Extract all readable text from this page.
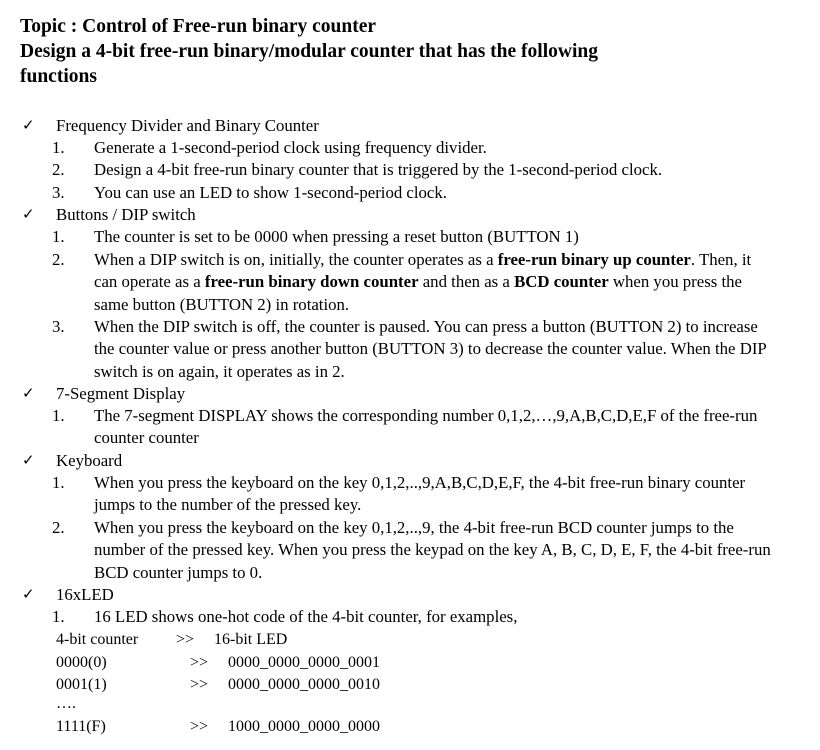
Topic : Control of Free-run binary counter
Design a 4-bit free-run binary/modular counter that has the following
functions
✓ Frequency Divider and Binary Counter
1.	Generate a 1-second-period clock using frequency divider.
2.	Design a 4-bit free-run binary counter that is triggered by the 1-second-period clock.
3.	You can use an LED to show 1-second-period clock.
✓ Buttons / DIP switch
1.	The counter is set to be 0000 when pressing a reset button (BUTTON 1)
2.	When a DIP switch is on, initially, the counter operates as a free-run binary up counter. Then, it can operate as a free-run binary down counter and then as a BCD counter when you press the same button (BUTTON 2) in rotation.
3.	When the DIP switch is off, the counter is paused. You can press a button (BUTTON 2) to increase the counter value or press another button (BUTTON 3) to decrease the counter value. When the DIP switch is on again, it operates as in 2.
✓ 7-Segment Display
1.	The 7-segment DISPLAY shows the corresponding number 0,1,2,…,9,A,B,C,D,E,F of the free-run counter counter
✓ Keyboard
1.	When you press the keyboard on the key 0,1,2,..,9,A,B,C,D,E,F, the 4-bit free-run binary counter jumps to the number of the pressed key.
2.	When you press the keyboard on the key 0,1,2,..,9, the 4-bit free-run BCD counter jumps to the number of the pressed key. When you press the keypad on the key A, B, C, D, E, F, the 4-bit free-run BCD counter jumps to 0.
✓ 16xLED
1.	16 LED shows one-hot code of the 4-bit counter, for examples,
4-bit counter >> 16-bit LED
0000(0)	>> 0000_0000_0000_0001
0001(1)	>> 0000_0000_0000_0010
….
1111(F)	>> 1000_0000_0000_0000
